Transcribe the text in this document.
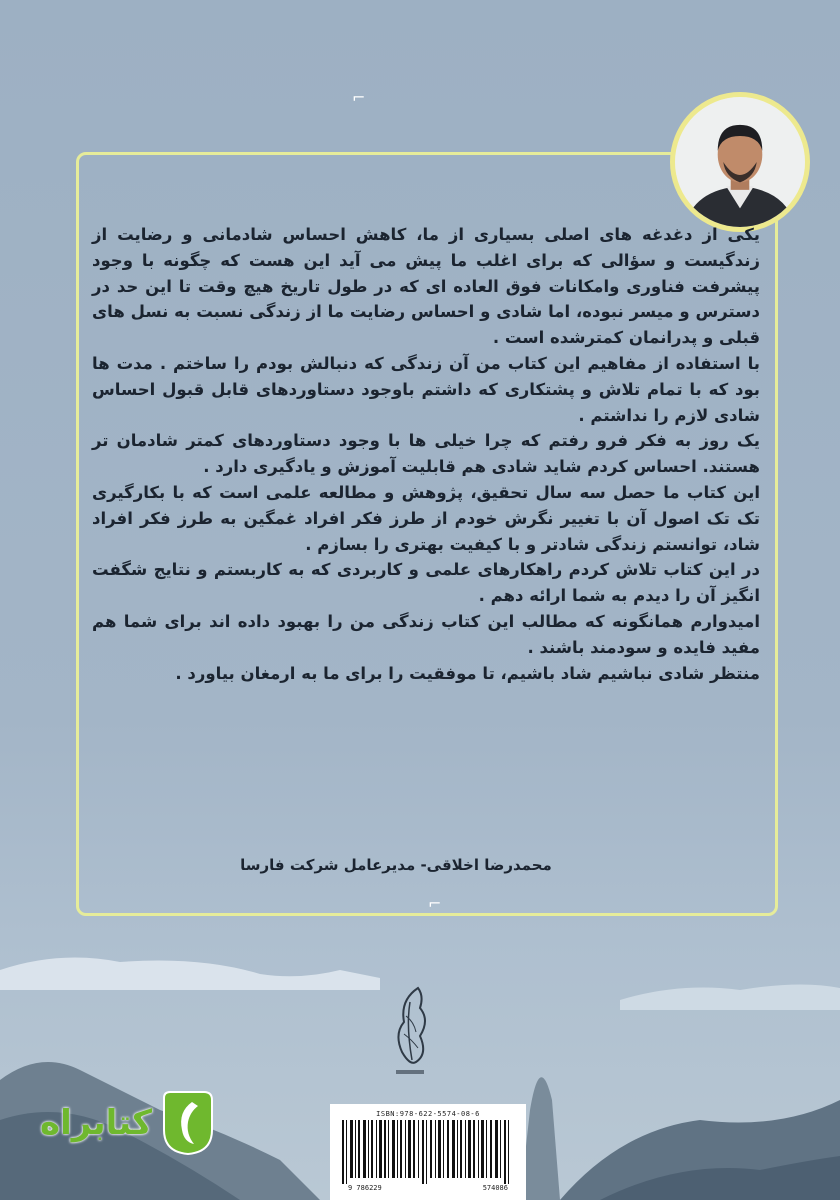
⌐
⌐

یکی از دغدغه های اصلی بسیاری از ما، کاهش احساس شادمانی و رضایت از زندگیست و سؤالی که برای اغلب ما پیش می آید این هست که چگونه با وجود پیشرفت فناوری وامکانات فوق العاده ای که در طول تاریخ هیچ وقت تا این حد در دسترس و میسر نبوده، اما شادی و احساس رضایت ما از زندگی نسبت به نسل های قبلی و پدرانمان کمترشده است .

با استفاده از مفاهیم این کتاب من آن زندگی که دنبالش بودم را ساختم . مدت ها بود که با تمام تلاش و پشتکاری که داشتم باوجود دستاوردهای قابل قبول احساس شادی لازم را نداشتم .

یک روز به فکر فرو رفتم که چرا خیلی ها با وجود دستاوردهای کمتر شادمان تر هستند. احساس کردم شاید شادی هم قابلیت آموزش و یادگیری دارد .

این کتاب ما حصل سه سال تحقیق، پژوهش و مطالعه علمی است که با بکارگیری تک تک اصول آن با تغییر نگرش خودم از طرز فکر افراد غمگین به طرز فکر افراد شاد، توانستم زندگی شادتر و با کیفیت بهتری را بسازم .

در این کتاب تلاش کردم راهکارهای علمی و کاربردی که به کاربستم و نتایج شگفت انگیز آن را دیدم به شما ارائه دهم .

امیدوارم همانگونه که مطالب این کتاب زندگی من را بهبود داده اند برای شما هم مفید فایده و سودمند باشند .

منتظر شادی نباشیم شاد باشیم، تا موفقیت را برای ما به ارمغان بیاورد .

محمدرضا اخلاقی- مدیرعامل شرکت فارسا
ISBN:978-622-5574-08-6
9 786229	574086
کتابراه
